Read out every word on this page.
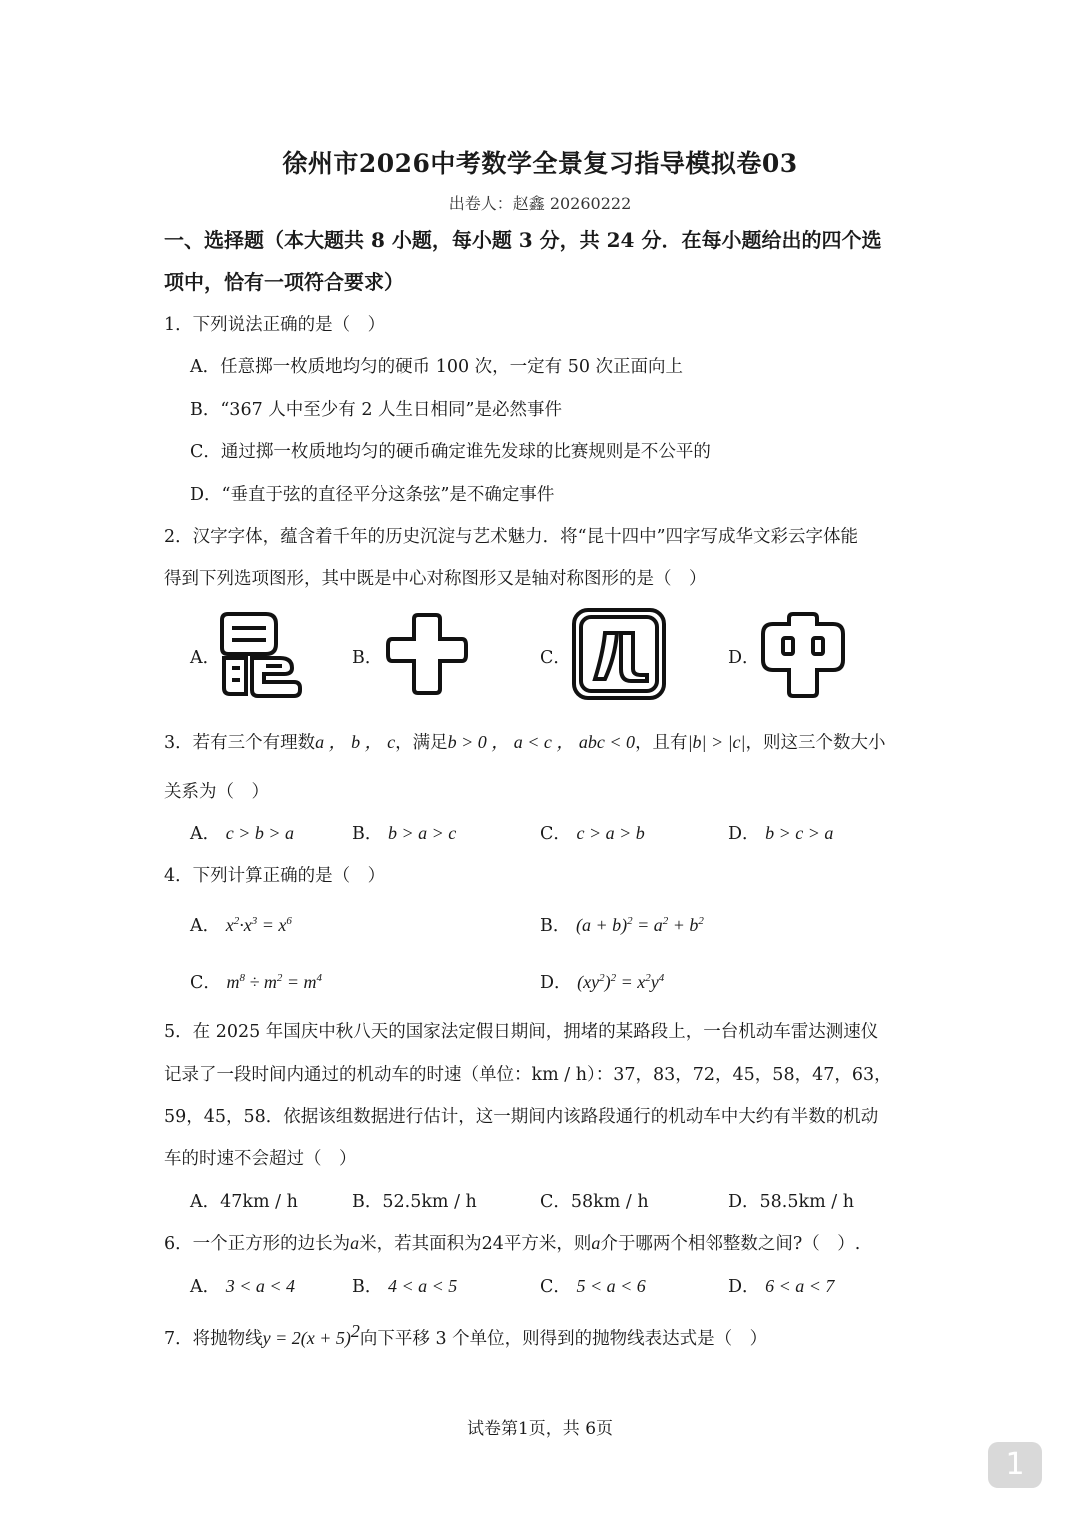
徐州市2026中考数学全景复习指导模拟卷03
出卷人：赵鑫 20260222
一、选择题（本大题共 8 小题，每小题 3 分，共 24 分．在每小题给出的四个选
项中，恰有一项符合要求）
1．下列说法正确的是（　）
A．任意掷一枚质地均匀的硬币 100 次，一定有 50 次正面向上
B．“367 人中至少有 2 人生日相同”是必然事件
C．通过掷一枚质地均匀的硬币确定谁先发球的比赛规则是不公平的
D．“垂直于弦的直径平分这条弦”是不确定事件
2．汉字字体，蕴含着千年的历史沉淀与艺术魅力．将“昆十四中”四字写成华文彩云字体能
得到下列选项图形，其中既是中心对称图形又是轴对称图形的是（　）
A．	B．	C．	D．
3．若有三个有理数a ， b ， c，满足b > 0 ， a < c ， abc < 0，且有|b| > |c|，则这三个数大小
关系为（　）
A． c > b > a	B． b > a > c	C． c > a > b	D． b > c > a
4．下列计算正确的是（　）
A． $x^2\cdot x^3 = x^6$	B． $(a + b)^2 = a^2 + b^2$
C． $m^8 \div m^2 = m^4$	D． $(xy^2)^2 = x^2y^4$
5．在 2025 年国庆中秋八天的国家法定假日期间，拥堵的某路段上，一台机动车雷达测速仪
记录了一段时间内通过的机动车的时速（单位：km / h）：37，83，72，45，58，47，63，
59，45，58．依据该组数据进行估计，这一期间内该路段通行的机动车中大约有半数的机动
车的时速不会超过（　）
A．47km / h	B．52.5km / h	C．58km / h	D．58.5km / h
6．一个正方形的边长为a米，若其面积为24平方米，则a介于哪两个相邻整数之间?（　）.
A． 3 < a < 4	B． 4 < a < 5	C． 5 < a < 6	D． 6 < a < 7
7．将抛物线$y = 2(x + 5)^2$向下平移 3 个单位，则得到的抛物线表达式是（　）
试卷第1页，共 6页
1
